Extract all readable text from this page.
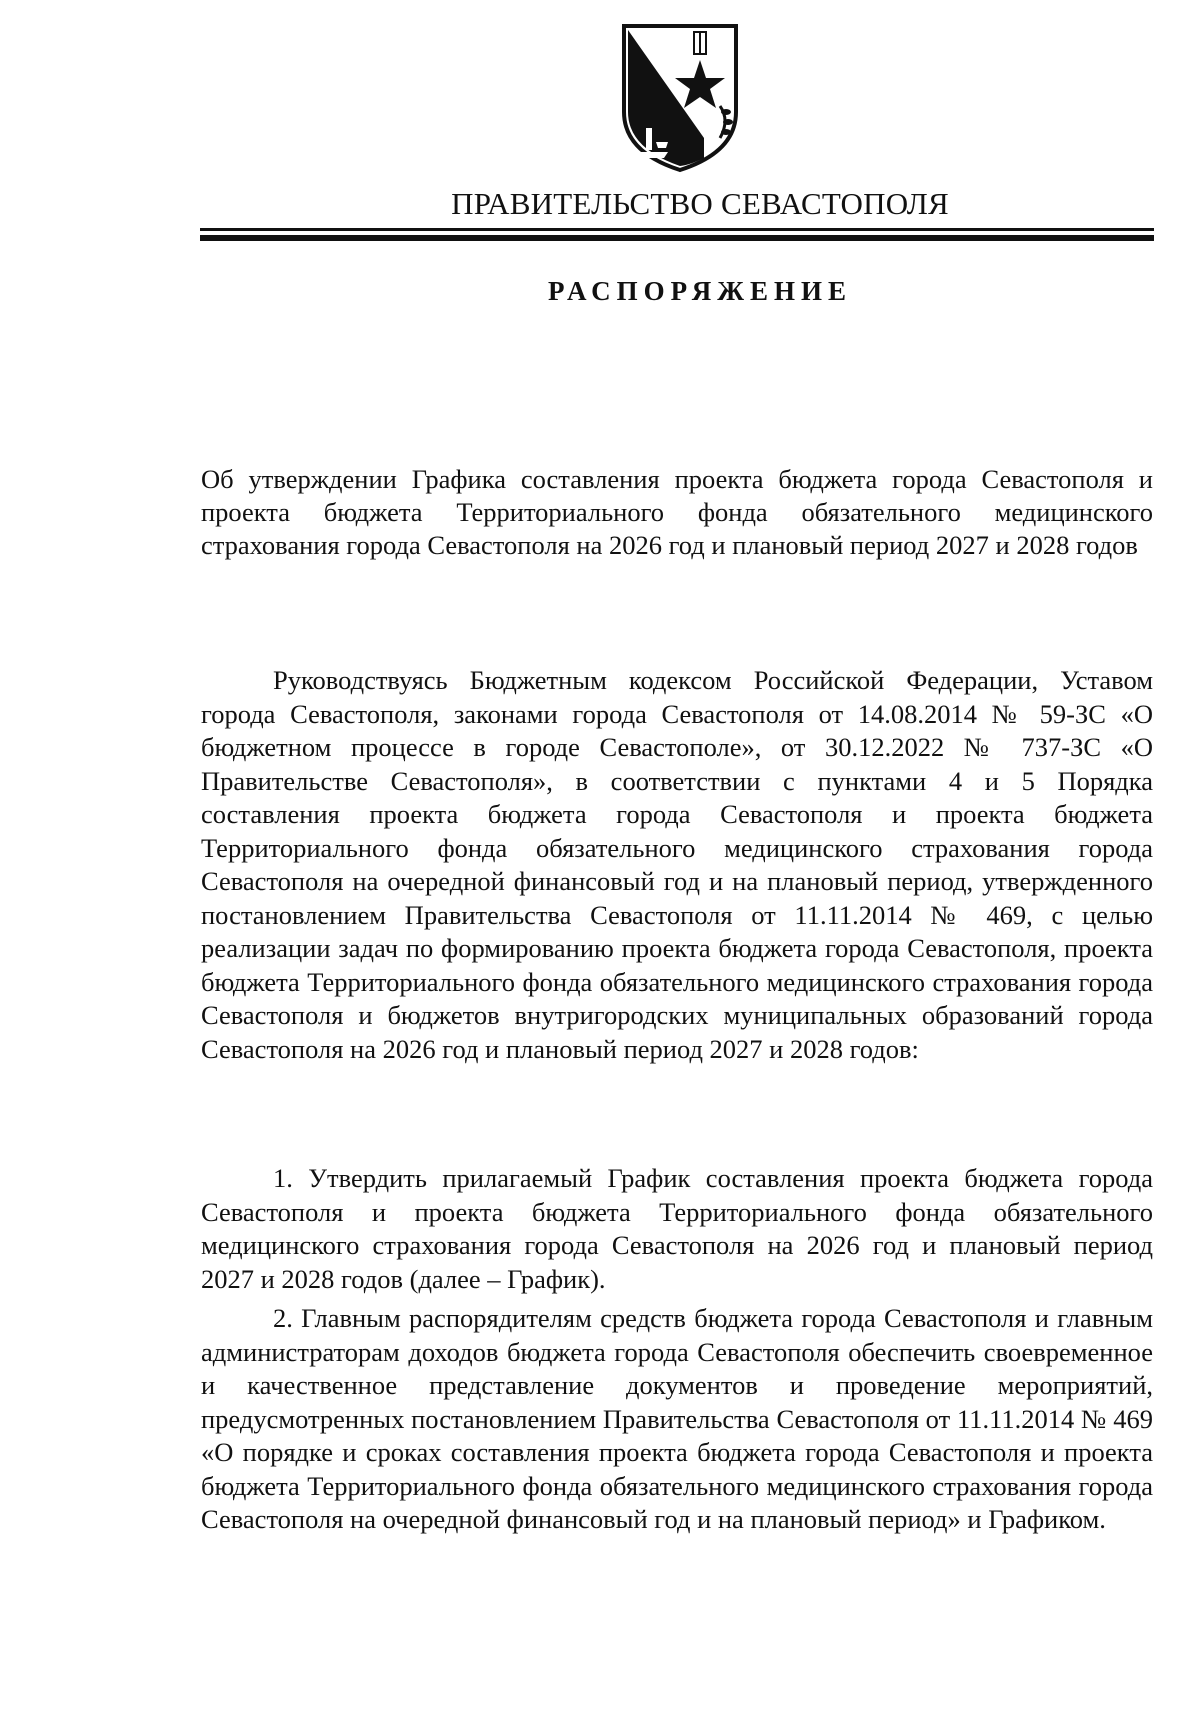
ПРАВИТЕЛЬСТВО СЕВАСТОПОЛЯ
РАСПОРЯЖЕНИЕ
Об утверждении Графика составления проекта бюджета города Севастополя и проекта бюджета Территориального фонда обязательного медицинского страхования города Севастополя на 2026 год и плановый период 2027 и 2028 годов
Руководствуясь Бюджетным кодексом Российской Федерации, Уставом города Севастополя, законами города Севастополя от 14.08.2014 № 59-ЗС «О бюджетном процессе в городе Севастополе», от 30.12.2022 № 737-ЗС «О Правительстве Севастополя», в соответствии с пунктами 4 и 5 Порядка составления проекта бюджета города Севастополя и проекта бюджета Территориального фонда обязательного медицинского страхования города Севастополя на очередной финансовый год и на плановый период, утвержденного постановлением Правительства Севастополя от 11.11.2014 № 469, с целью реализации задач по формированию проекта бюджета города Севастополя, проекта бюджета Территориального фонда обязательного медицинского страхования города Севастополя и бюджетов внутригородских муниципальных образований города Севастополя на 2026 год и плановый период 2027 и 2028 годов:

1. Утвердить прилагаемый График составления проекта бюджета города Севастополя и проекта бюджета Территориального фонда обязательного медицинского страхования города Севастополя на 2026 год и плановый период 2027 и 2028 годов (далее – График).

2. Главным распорядителям средств бюджета города Севастополя и главным администраторам доходов бюджета города Севастополя обеспечить своевременное и качественное представление документов и проведение мероприятий, предусмотренных постановлением Правительства Севастополя от 11.11.2014 № 469 «О порядке и сроках составления проекта бюджета города Севастополя и проекта бюджета Территориального фонда обязательного медицинского страхования города Севастополя на очередной финансовый год и на плановый период» и Графиком.
